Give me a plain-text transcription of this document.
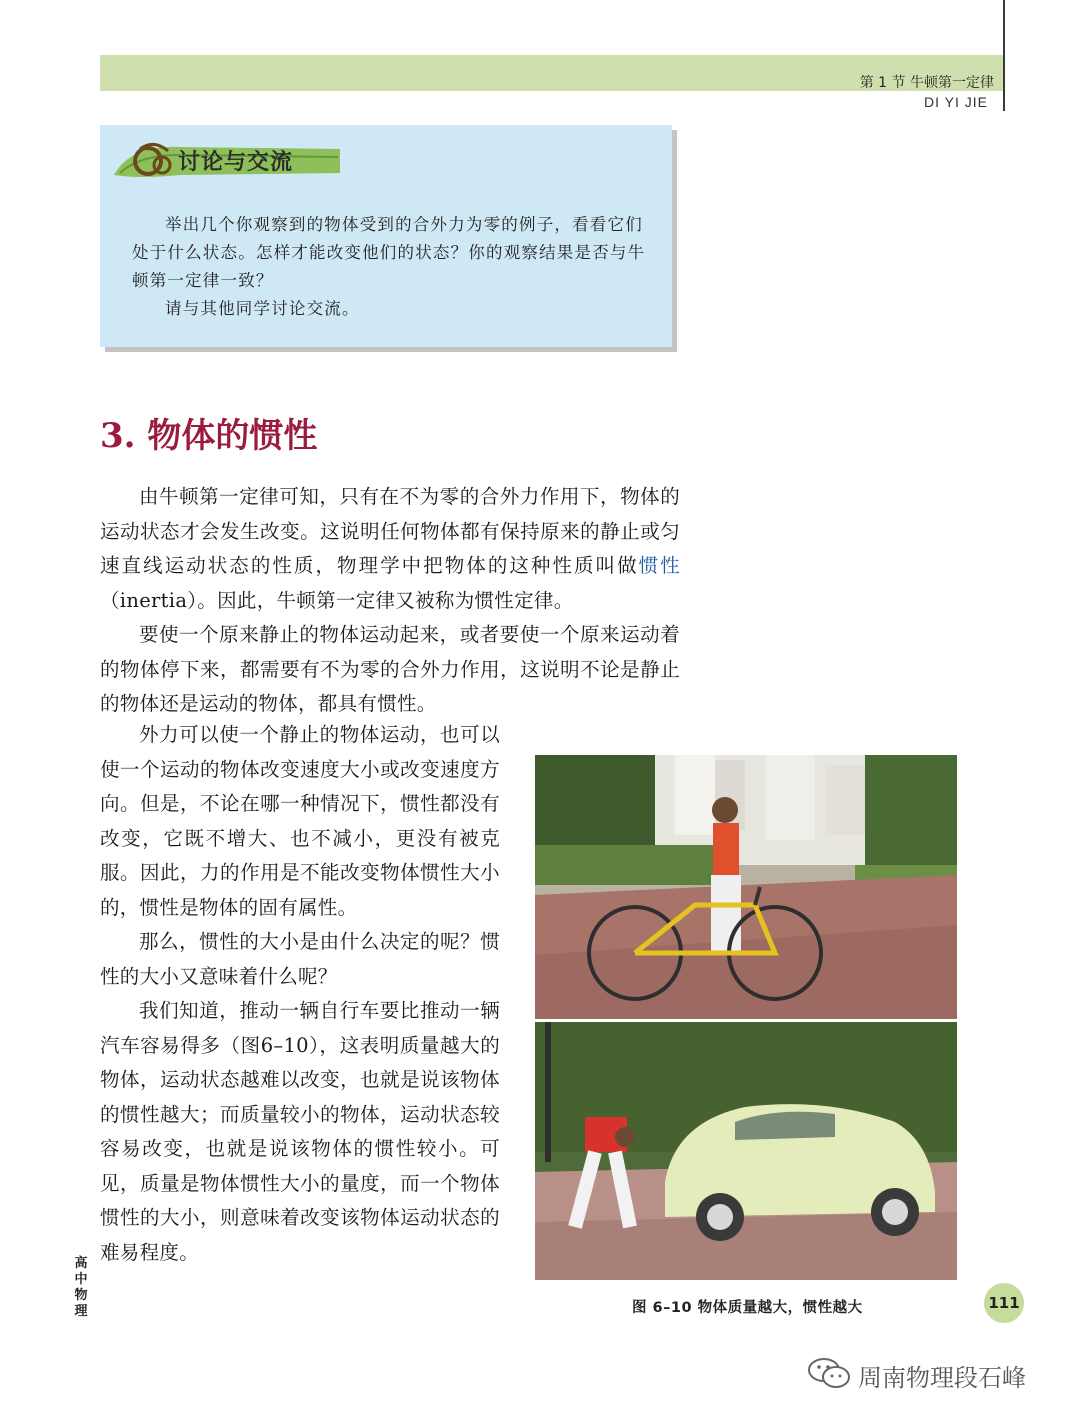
第 1 节 牛顿第一定律
DI YI JIE
讨论与交流

举出几个你观察到的物体受到的合外力为零的例子，看看它们处于什么状态。怎样才能改变他们的状态？你的观察结果是否与牛顿第一定律一致？

请与其他同学讨论交流。

3. 物体的惯性

由牛顿第一定律可知，只有在不为零的合外力作用下，物体的运动状态才会发生改变。这说明任何物体都有保持原来的静止或匀速直线运动状态的性质，物理学中把物体的这种性质叫做惯性（inertia）。因此，牛顿第一定律又被称为惯性定律。

要使一个原来静止的物体运动起来，或者要使一个原来运动着的物体停下来，都需要有不为零的合外力作用，这说明不论是静止的物体还是运动的物体，都具有惯性。

外力可以使一个静止的物体运动，也可以使一个运动的物体改变速度大小或改变速度方向。但是，不论在哪一种情况下，惯性都没有改变，它既不增大、也不减小，更没有被克服。因此，力的作用是不能改变物体惯性大小的，惯性是物体的固有属性。

那么，惯性的大小是由什么决定的呢？惯性的大小又意味着什么呢？

我们知道，推动一辆自行车要比推动一辆汽车容易得多（图6–10），这表明质量越大的物体，运动状态越难以改变，也就是说该物体的惯性越大；而质量较小的物体，运动状态较容易改变，也就是说该物体的惯性较小。可见，质量是物体惯性大小的量度，而一个物体惯性的大小，则意味着改变该物体运动状态的难易程度。

图 6–10 物体质量越大，惯性越大	111
高中物理
周南物理段石峰
